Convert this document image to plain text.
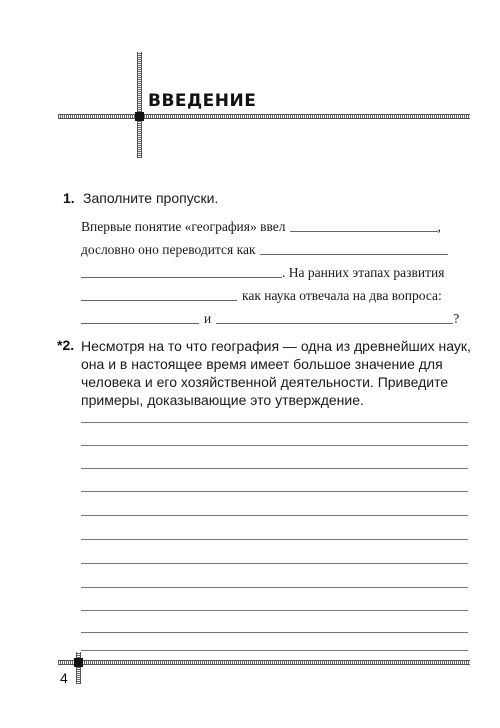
ВВЕДЕНИЕ
1. Заполните пропуски.
Впервые понятие «география» ввел	,
дословно оно переводится как
. На ранних этапах развития
как наука отвечала на два вопроса:
и	?
*2. Несмотря на то что география — одна из древнейших наук, она и в настоящее время имеет большое значение для человека и его хозяйственной деятельности. Приведите примеры, доказывающие это утверждение.

4
